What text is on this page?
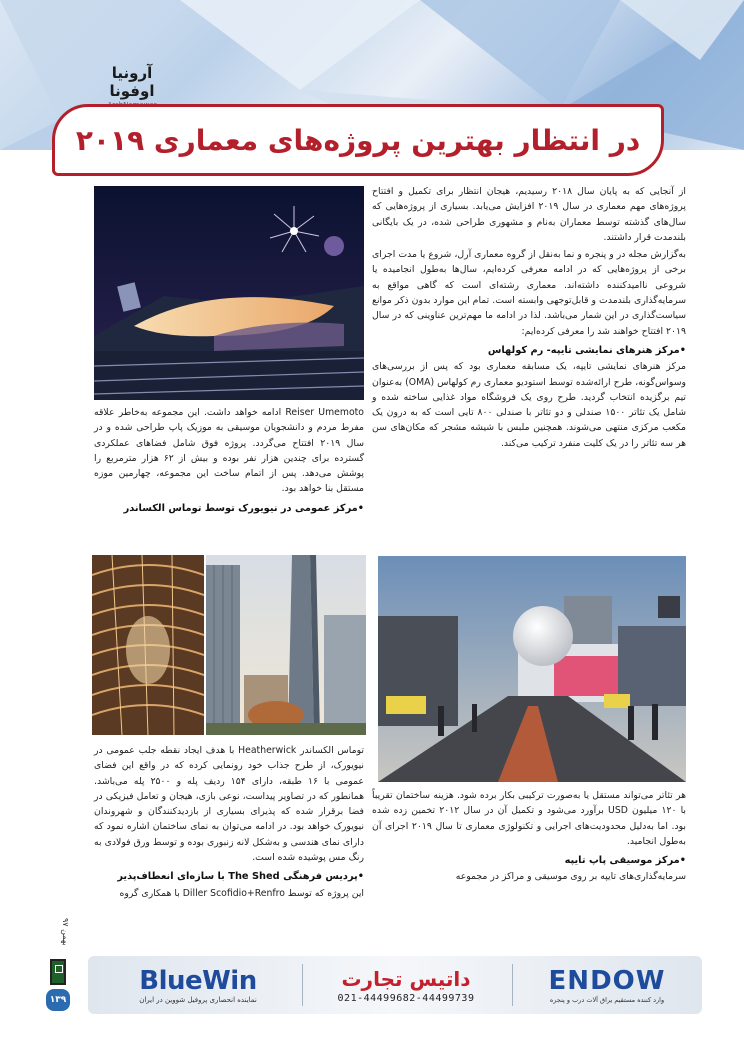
آرونیا اوفونا
در انتظار بهترین پروژه‌های معماری ۲۰۱۹

از آنجایی که به پایان سال ۲۰۱۸ رسیدیم، هیجان انتظار برای تکمیل و افتتاح پروژه‌های مهم معماری در سال ۲۰۱۹ افزایش می‌یابد. بسیاری از پروژه‌هایی که سال‌های گذشته توسط معماران به‌نام و مشهوری طراحی شده، در یک بایگانی بلندمدت قرار داشتند.

به‌گزارش مجله در و پنجره و نما به‌نقل از گروه معماری آرل، شروع یا مدت اجرای برخی از پروژه‌هایی که در ادامه معرفی کرده‌ایم، سال‌ها به‌طول انجامیده یا شروعی ناامیدکننده داشته‌اند. معماری رشته‌ای است که گاهی مواقع به سرمایه‌گذاری بلندمدت و قابل‌توجهی وابسته است. تمام این موارد بدون ذکر موانع سیاست‌گذاری در این شمار می‌باشد. لذا در ادامه ما مهم‌ترین عناوینی که در سال ۲۰۱۹ افتتاح خواهند شد را معرفی کرده‌ایم:

•مرکز هنرهای نمایشی تایپه- رم کولهاس

مرکز هنرهای نمایشی تایپه، یک مسابقه معماری بود که پس از بررسی‌های وسواس‌گونه، طرح ارائه‌شده توسط استودیو معماری رم کولهاس (OMA) به‌عنوان تیم برگزیده انتخاب گردید. طرح روی یک فروشگاه مواد غذایی ساخته شده و شامل یک تئاتر ۱۵۰۰ صندلی و دو تئاتر با صندلی ۸۰۰ تایی است که به درون یک مکعب مرکزی منتهی می‌شوند. همچنین ملبس با شیشه مشجر که مکان‌های سن هر سه تئاتر را در یک کلیت منفرد ترکیب می‌کند.

Reiser Umemoto ادامه خواهد داشت. این مجموعه به‌خاطر علاقه مفرط مردم و دانشجویان موسیقی به موزیک پاپ طراحی شده و در سال ۲۰۱۹ افتتاح می‌گردد. پروژه فوق شامل فضاهای عملکردی گسترده برای چندین هزار نفر بوده و بیش از ۶۲ هزار مترمربع را پوشش می‌دهد. پس از اتمام ساخت این مجموعه، چهارمین موزه مستقل بنا خواهد بود.

•مرکز عمومی در نیویورک توسط توماس الکساندر

توماس الکساندر Heatherwick با هدف ایجاد نقطه جلب عمومی در نیویورک، از طرح جذاب خود رونمایی کرده که در واقع این فضای عمومی با ۱۶ طبقه، دارای ۱۵۴ ردیف پله و ۲۵۰۰ پله می‌باشد. همانطور که در تصاویر پیداست، نوعی بازی، هیجان و تعامل فیزیکی در فضا برقرار شده که پذیرای بسیاری از بازدیدکنندگان و شهروندان نیویورک خواهد بود. در ادامه می‌توان به نمای ساختمان اشاره نمود که دارای نمای هندسی و به‌شکل لانه زنبوری بوده و توسط ورق فولادی به رنگ مس پوشیده شده است.

•پردیس فرهنگی The Shed با سازه‌ای انعطاف‌پذیر

این پروژه که توسط Diller Scofidio+Renfro با همکاری گروه

هر تئاتر می‌تواند مستقل یا به‌صورت ترکیبی بکار برده شود. هزینه ساختمان تقریباً با ۱۲۰ میلیون USD برآورد می‌شود و تکمیل آن در سال ۲۰۱۲ تخمین زده شده بود. اما به‌دلیل محدودیت‌های اجرایی و تکنولوژی معماری تا سال ۲۰۱۹ اجرای آن به‌طول انجامید.

•مرکز موسیقی پاپ تایپه

سرمایه‌گذاری‌های تایپه بر روی موسیقی و مراکز در مجموعه

بهمن ۹۷
۱۳۹
BlueWin
نماینده انحصاری پروفیل شووین در ایران
داتیس تجارت
021-44499682-44499739
ENDOW
وارد کننده مستقیم یراق آلات درب و پنجره
